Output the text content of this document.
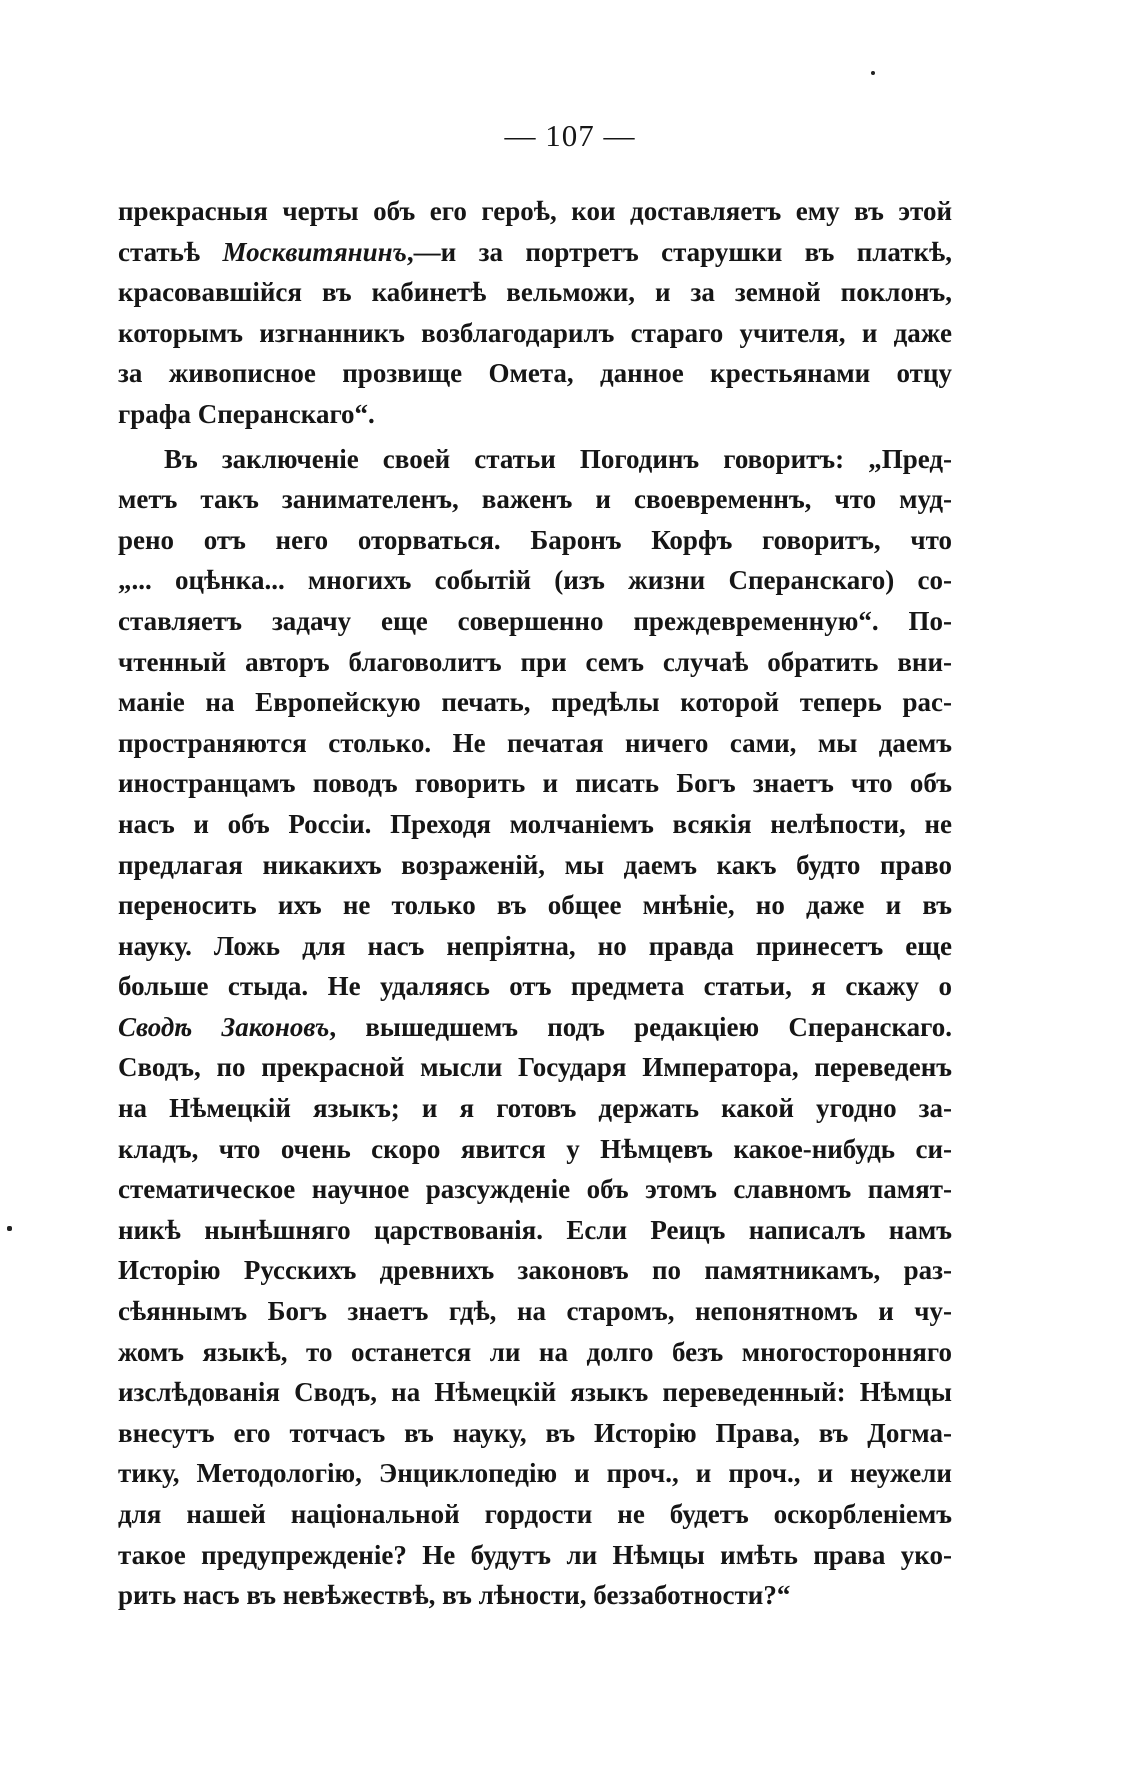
— 107 —
прекрасныя черты объ его героѣ, кои доставляетъ ему въ этой
статьѣ Москвитянинъ,—и за портретъ старушки въ платкѣ,
красовавшійся въ кабинетѣ вельможи, и за земной поклонъ,
которымъ изгнанникъ возблагодарилъ стараго учителя, и даже
за живописное прозвище Омета, данное крестьянами отцу
графа Сперанскаго“.
Въ заключеніе своей статьи Погодинъ говоритъ: „Пред-
метъ такъ занимателенъ, важенъ и своевременнъ, что муд-
рено отъ него оторваться. Баронъ Корфъ говоритъ, что
„... оцѣнка... многихъ событій (изъ жизни Сперанскаго) со-
ставляетъ задачу еще совершенно преждевременную“. По-
чтенный авторъ благоволитъ при семъ случаѣ обратить вни-
маніе на Европейскую печать, предѣлы которой теперь рас-
пространяются столько. Не печатая ничего сами, мы даемъ
иностранцамъ поводъ говорить и писать Богъ знаетъ что объ
насъ и объ Россіи. Преходя молчаніемъ всякія нелѣпости, не
предлагая никакихъ возраженій, мы даемъ какъ будто право
переносить ихъ не только въ общее мнѣніе, но даже и въ
науку. Ложь для насъ непріятна, но правда принесетъ еще
больше стыда. Не удаляясь отъ предмета статьи, я скажу о
Сводѣ Законовъ, вышедшемъ подъ редакціею Сперанскаго.
Сводъ, по прекрасной мысли Государя Императора, переведенъ
на Нѣмецкій языкъ; и я готовъ держать какой угодно за-
кладъ, что очень скоро явится у Нѣмцевъ какое-нибудь си-
стематическое научное разсужденіе объ этомъ славномъ памят-
никѣ нынѣшняго царствованія. Если Реицъ написалъ намъ
Исторію Русскихъ древнихъ законовъ по памятникамъ, раз-
сѣяннымъ Богъ знаетъ гдѣ, на старомъ, непонятномъ и чу-
жомъ языкѣ, то останется ли на долго безъ многосторонняго
изслѣдованія Сводъ, на Нѣмецкій языкъ переведенный: Нѣмцы
внесутъ его тотчасъ въ науку, въ Исторію Права, въ Догма-
тику, Методологію, Энциклопедію и проч., и проч., и неужели
для нашей національной гордости не будетъ оскорбленіемъ
такое предупрежденіе? Не будутъ ли Нѣмцы имѣть права уко-
рить насъ въ невѣжествѣ, въ лѣности, беззаботности?“
